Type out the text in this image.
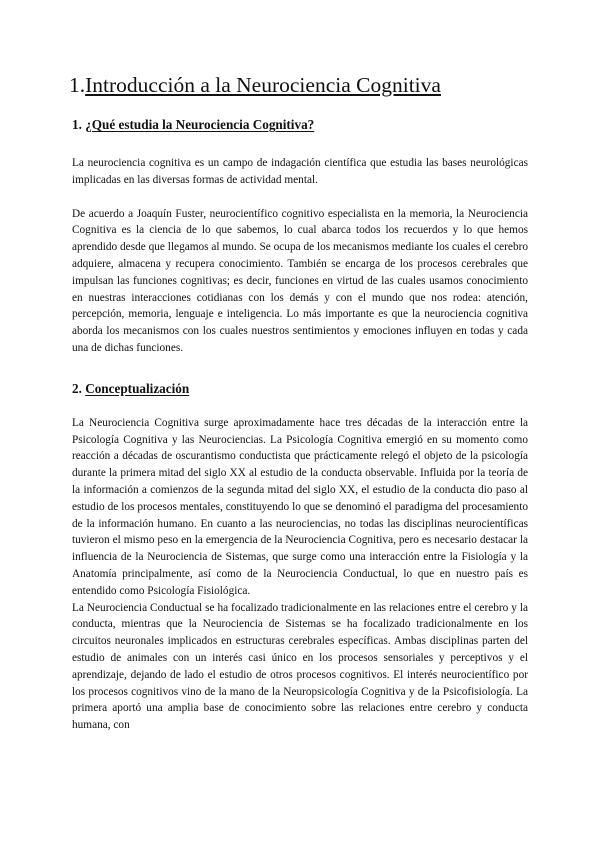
1.Introducción a la Neurociencia Cognitiva
1. ¿Qué estudia la Neurociencia Cognitiva?

La neurociencia cognitiva es un campo de indagación científica que estudia las bases neurológicas implicadas en las diversas formas de actividad mental.

De acuerdo a Joaquín Fuster, neurocientífico cognitivo especialista en la memoria, la Neurociencia Cognitiva es la ciencia de lo que sabemos, lo cual abarca todos los recuerdos y lo que hemos aprendido desde que llegamos al mundo. Se ocupa de los mecanismos mediante los cuales el cerebro adquiere, almacena y recupera conocimiento. También se encarga de los procesos cerebrales que impulsan las funciones cognitivas; es decir, funciones en virtud de las cuales usamos conocimiento en nuestras interacciones cotidianas con los demás y con el mundo que nos rodea: atención, percepción, memoria, lenguaje e inteligencia. Lo más importante es que la neurociencia cognitiva aborda los mecanismos con los cuales nuestros sentimientos y emociones influyen en todas y cada una de dichas funciones.

2. Conceptualización

La Neurociencia Cognitiva surge aproximadamente hace tres décadas de la interacción entre la Psicología Cognitiva y las Neurociencias. La Psicología Cognitiva emergió en su momento como reacción a décadas de oscurantismo conductista que prácticamente relegó el objeto de la psicología durante la primera mitad del siglo XX al estudio de la conducta observable. Influida por la teoría de la información a comienzos de la segunda mitad del siglo XX, el estudio de la conducta dio paso al estudio de los procesos mentales, constituyendo lo que se denominó el paradigma del procesamiento de la información humano. En cuanto a las neurociencias, no todas las disciplinas neurocientíficas tuvieron el mismo peso en la emergencia de la Neurociencia Cognitiva, pero es necesario destacar la influencia de la Neurociencia de Sistemas, que surge como una interacción entre la Fisiología y la Anatomía principalmente, así como de la Neurociencia Conductual, lo que en nuestro país es entendido como Psicología Fisiológica.

La Neurociencia Conductual se ha focalizado tradicionalmente en las relaciones entre el cerebro y la conducta, mientras que la Neurociencia de Sistemas se ha focalizado tradicionalmente en los circuitos neuronales implicados en estructuras cerebrales específicas. Ambas disciplinas parten del estudio de animales con un interés casi único en los procesos sensoriales y perceptivos y el aprendizaje, dejando de lado el estudio de otros procesos cognitivos. El interés neurocientífico por los procesos cognitivos vino de la mano de la Neuropsicología Cognitiva y de la Psicofisiología. La primera aportó una amplia base de conocimiento sobre las relaciones entre cerebro y conducta humana, con
